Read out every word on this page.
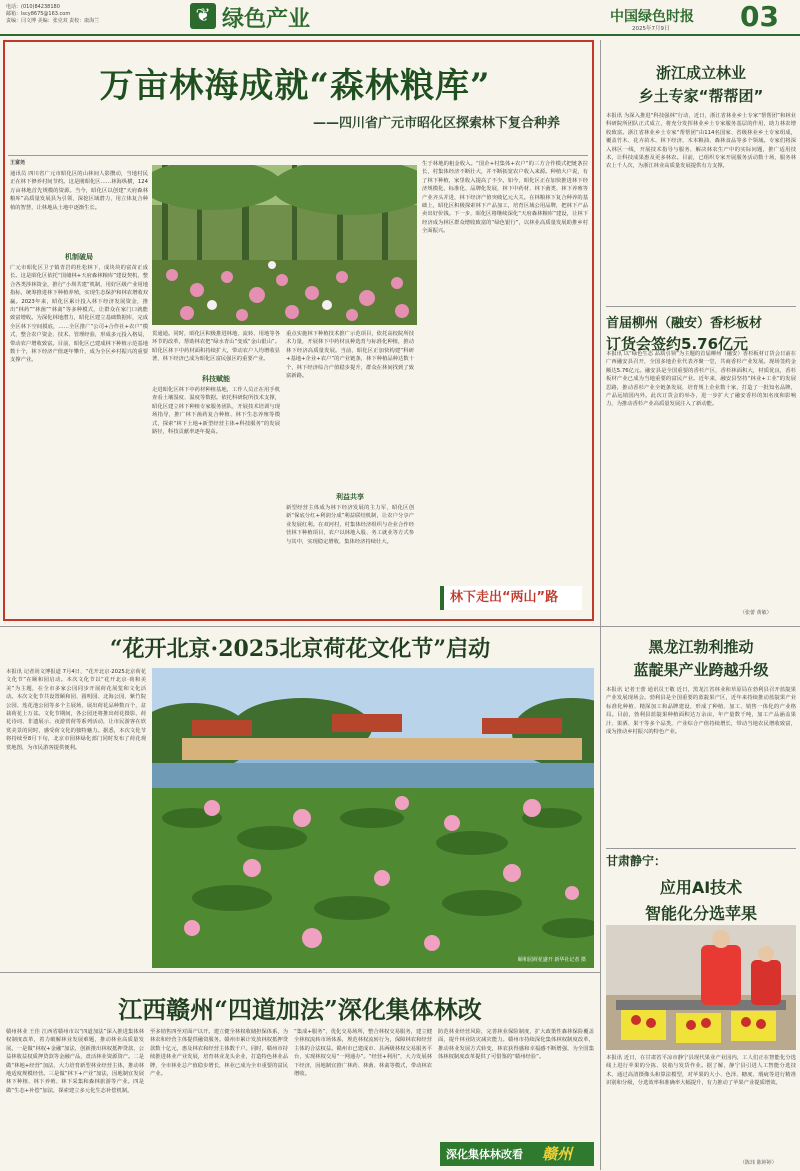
电话：(010)84238180
邮箱：lscy8675@163.com
责编：闫文博 美编：张克双 责校：康海兰	❦ 绿色产业	中国绿色时报 03
2025年7月9日
万亩林海成就“森林粮库”
——四川省广元市昭化区探索林下复合种养
王富尧
通讯员 四川省广元市昭化区的山林间人影攒动，当地村民正在林下修养村间节约。这是刚昭化区……林海纵横，124万亩林地首先规模的资源。当今，昭化区以创建“天府森林粮库”高质量发展县为引领，深挖区域潜力，用立体复合种植的智慧，让林地从土地中逐渐生长。
机制破局
广元市昭化区卫子镇青岩的杜松林下，成块块的富苗正成长。这是昭化区依托“国储林+天府森林粮库”建设契机，整合各类涉林资金，推行“小坝共建”机制，用好区级产业用地指标，统筹推进林下种植养殖，实现生态保护和林农增收双赢。2023年来，昭化区累计投入林下经济发展资金，推出“林药”“林菌”“林禽”等多种模式，让群众在家门口就能致富增收。为深化林地潜力，昭化区建立基础数据库，完成全区林下空间摸底，……全区推广“公司+合作社+农户”模式，整合农户资金、技术、管理经验，形成多元投入格局，带动农户增收致富。目前，昭化区已建成林下种植示范基地数十个，林下经济产值逐年攀升，成为全区乡村振兴的重要支撑产业。
贯通通。同时，昭化区积极推进林地、流转、用地等各环节的改革，帮助林农把“绿水青山”变成“金山银山”。昭化区林下中药材面积持续扩大，带动农户人均增收显著，林下经济已成为昭化区富民强区的重要产业。
科技赋能
走进昭化区林下中药材种植基地，工作人员正在用手机查看土壤湿度、温度等数据。依托科研院所技术支撑，昭化区建立林下种植专家服务团队，开展技术培训与现场指导，推广林下菌药复合种植、林下生态养殖等模式，探索“林下土地+新型经营主体+科技服务”的发展路径，科技贡献率逐年提高。
重点实施林下种植技术推广示范项目，依托高校院所技术力量，开展林下中药材良种选育与标准化种植，推动林下经济高质量发展。当前，昭化区正加快构建“科研+基地+企业+农户”的产业链条，林下种植品种达数十个，林下经济综合产值稳步提升，群众在林间找到了致富新路。
利益共享
新型经营主体成为林下经济发展的主力军，昭化区创新“保底分红+利润分成”利益联结机制，让农户分享产业发展红利。在双河村，村集体经济组织与企业合作经营林下种植项目，农户以林地入股、务工就业等方式参与其中，实现稳定增收，集体经济持续壮大。
生于林地的租金收入。“国企+村集体+农户”的三方合作模式把链条拉长，村集体经济不断壮大，并不断拓宽农户收入来源。种植大户说，有了林下种植，家里收入提高了不少。如今，昭化区正在加快推进林下经济规模化、标准化、品牌化发展，林下中药材、林下菌类、林下养殖等产业齐头并进，林下经济产值突破亿元大关。在林粮林下复合种养的基础上，昭化区积极探索林下产品加工，培育区域公用品牌，把林下产品卖出好价钱。下一步，昭化区将继续深化“天府森林粮库”建设，让林下经济成为林区群众增收致富的“绿色银行”，以林业高质量发展助推乡村全面振兴。
林下走出“两山”路
浙江成立林业
乡土专家“帮帮团”
本报讯 为深入推进“科技强林”行动，近日，浙江省林业乡土专家“帮帮团”和林业科研院所团队正式成立，将充分发挥林业乡土专家服务基层的作用，助力林农增收致富。浙江省林业乡土专家“帮帮团”由114名国家、省级林业乡土专家组成，覆盖竹木、花卉苗木、林下经济、木本粮油、森林食品等多个领域。专家们将深入林区一线，开展技术指导与服务，解决林农生产中的实际问题，推广适用技术，让科技成果惠及更多林农。目前，已组织专家开展服务活动数十场，服务林农上千人次，为浙江林业高质量发展提供有力支撑。
首届柳州（融安）香杉板材
订货会签约5.76亿元
本报讯 以“绿色生态 品质引领”为主题的首届柳州（融安）香杉板材订货会日前在广西融安县召开，全国多地企业代表齐聚一堂，共商香杉产业发展。现场签约金额达5.76亿元。融安县是全国重要的香杉产区，香杉林面积大，材质优良，香杉板材产业已成为当地重要的富民产业。近年来，融安县坚持“林业+工业”的发展思路，推动香杉产业全链条发展，培育规上企业数十家，打造了一批知名品牌，产品远销国内外。此次订货会的举办，进一步扩大了融安香杉的知名度和影响力，为推动香杉产业高质量发展注入了新动能。
（张蕾 黄敏）
“花开北京·2025北京荷花文化节”启动
本报讯 记者尚文博报道 7月4日，“花开北京·2025北京荷花文化节”在颐和园启动。本次文化节以“花开北京·荷和美美”为主题，在全市多家公园同步开展荷花展览和文化活动。本次文化节共设置颐和园、圆明园、北海公园、紫竹院公园、莲花池公园等多个主展场，展出荷花品种数百个，盆栽荷花上万盆。文化节期间，各公园还将推出荷花摄影、荷花诗词、非遗展示、夜游赏荷等系列活动，让市民游客在欣赏美景的同时，感受荷文化的独特魅力。据悉，本次文化节将持续至8月下旬，北京市园林绿化部门同时发布了荷花观赏地图，为市民游客提供便利。
颐和园荷花盛开 新华社记者 摄
黑龙江勃利推动
蓝靛果产业跨越升级
本报讯 记者王蕾 通讯员王敬 近日，黑龙江省林业和草原局在勃利县召开蓝靛果产业发展现场会。勃利县是全国重要的蓝靛果产区，近年来持续推动蓝靛果产业标准化种植、精深加工和品牌建设，形成了种植、加工、销售一体化的产业格局。目前，勃利县蓝靛果种植面积达万余亩，年产量数千吨，加工产品涵盖果汁、果酒、果干等多个品类，产业综合产值持续增长，带动当地农民增收致富，成为推动乡村振兴的特色产业。
甘肃静宁：
应用AI技术
智能化分选苹果
本报讯 近日，在甘肃省平凉市静宁县现代果业产业园内，工人们正在智能化分选线上进行苹果的分拣、装箱与发货作业。据了解，静宁县引进人工智能分选技术，通过高清摄像头和算法模型，对苹果的大小、色泽、糖度、瑕疵等进行精准识别和分级，分选效率和准确率大幅提升，有力推动了苹果产业提质增效。
（陈玮 陈婷婷）
江西赣州“四道加法”深化集体林改
赣州林业 王佳 江西省赣州市以“四道加法”深入推进集体林权制度改革，着力破解林业发展难题，推动林业高质量发展。一是做“林权+金融”加法，创新推出林权抵押贷款、公益林收益权质押贷款等金融产品，盘活林业资源资产。二是做“林地+经营”加法，大力培育新型林业经营主体，推动林地适度规模经营。三是做“林下+产业”加法，因地制宜发展林下种植、林下养殖、林下采集和森林旅游等产业。四是做“生态+补偿”加法，探索建立多元化生态补偿机制。
至多销售四至对面产以开。建立健全林权收储担保体系，为林农和经营主体提供融资服务。赣州市累计发放林权抵押贷款数十亿元，惠及林农和经营主体数千户。同时，赣州市持续推进林业产业发展，培育林业龙头企业，打造特色林业品牌，全市林业总产值稳步增长，林业已成为全市重要的富民产业。
“集成+服务”，优化交易场所，整合林权交易服务，建立健全林权流转市场体系，规范林权流转行为，保障林农和经营主体的合法权益。赣州市已建成市、县两级林权交易服务平台，实现林权交易“一网通办”。“经营+利用”，大力发展林下经济，因地制宜推广林药、林菌、林禽等模式，带动林农增收。
防范林业经营风险，完善林业保险制度，扩大政策性森林保险覆盖面，提升林业防灾减灾能力。赣州市持续深化集体林权制度改革，推动林业发展方式转变，林农获得感和幸福感不断增强，为全国集体林权制度改革提供了可借鉴的“赣州经验”。
深化集体林改看 赣州
